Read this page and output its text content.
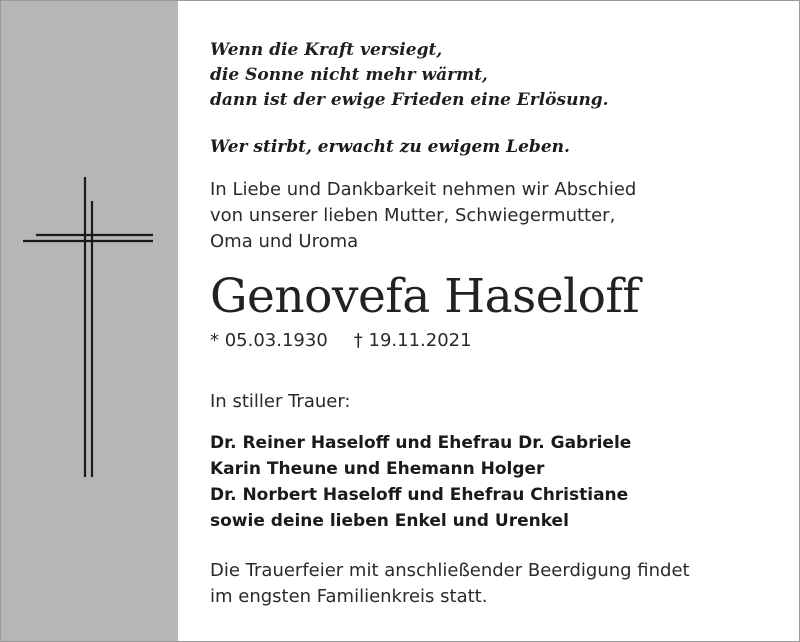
Wenn die Kraft versiegt,
die Sonne nicht mehr wärmt,
dann ist der ewige Frieden eine Erlösung.
Wer stirbt, erwacht zu ewigem Leben.
In Liebe und Dankbarkeit nehmen wir Abschied
von unserer lieben Mutter, Schwiegermutter,
Oma und Uroma
Genovefa Haseloff
* 05.03.1930 † 19.11.2021
In stiller Trauer:
Dr. Reiner Haseloff und Ehefrau Dr. Gabriele
Karin Theune und Ehemann Holger
Dr. Norbert Haseloff und Ehefrau Christiane
sowie deine lieben Enkel und Urenkel
Die Trauerfeier mit anschließender Beerdigung findet
im engsten Familienkreis statt.
